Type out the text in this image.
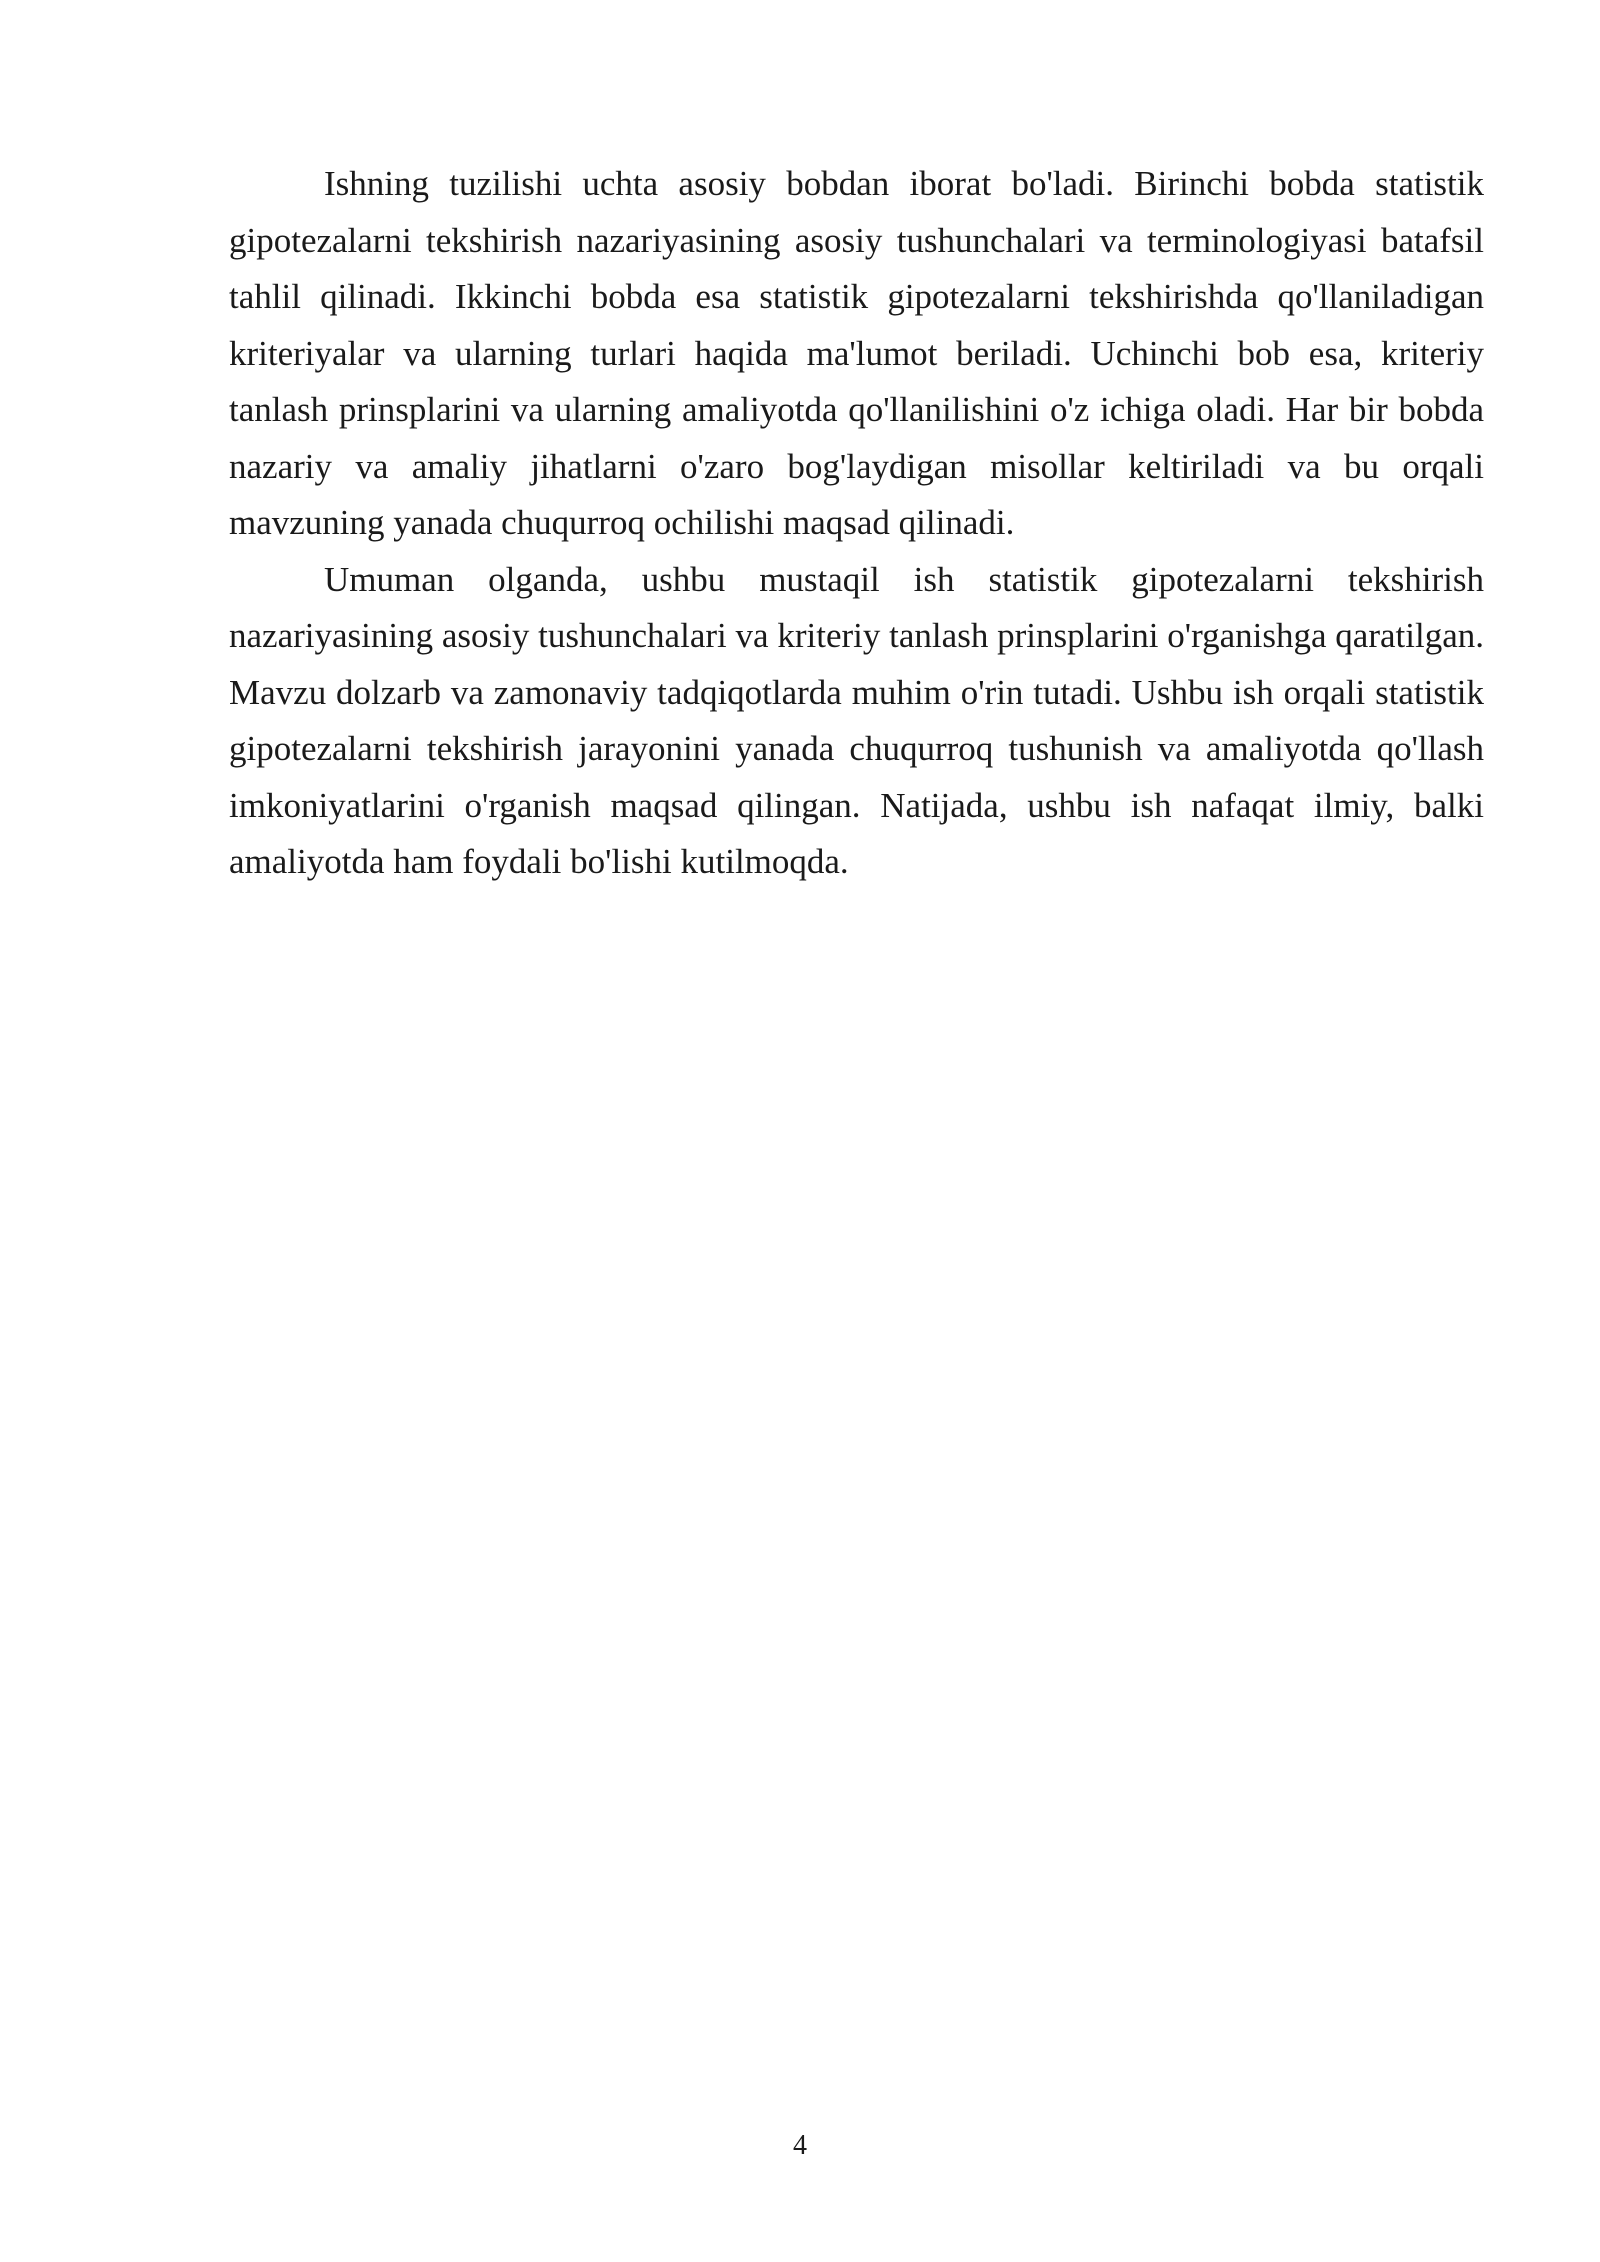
Ishning tuzilishi uchta asosiy bobdan iborat bo'ladi. Birinchi bobda statistik gipotezalarni tekshirish nazariyasining asosiy tushunchalari va terminologiyasi batafsil tahlil qilinadi. Ikkinchi bobda esa statistik gipotezalarni tekshirishda qo'llaniladigan kriteriyalar va ularning turlari haqida ma'lumot beriladi. Uchinchi bob esa, kriteriy tanlash prinsplarini va ularning amaliyotda qo'llanilishini o'z ichiga oladi. Har bir bobda nazariy va amaliy jihatlarni o'zaro bog'laydigan misollar keltiriladi va bu orqali mavzuning yanada chuqurroq ochilishi maqsad qilinadi.

Umuman olganda, ushbu mustaqil ish statistik gipotezalarni tekshirish nazariyasining asosiy tushunchalari va kriteriy tanlash prinsplarini o'rganishga qaratilgan. Mavzu dolzarb va zamonaviy tadqiqotlarda muhim o'rin tutadi. Ushbu ish orqali statistik gipotezalarni tekshirish jarayonini yanada chuqurroq tushunish va amaliyotda qo'llash imkoniyatlarini o'rganish maqsad qilingan. Natijada, ushbu ish nafaqat ilmiy, balki amaliyotda ham foydali bo'lishi kutilmoqda.

4
